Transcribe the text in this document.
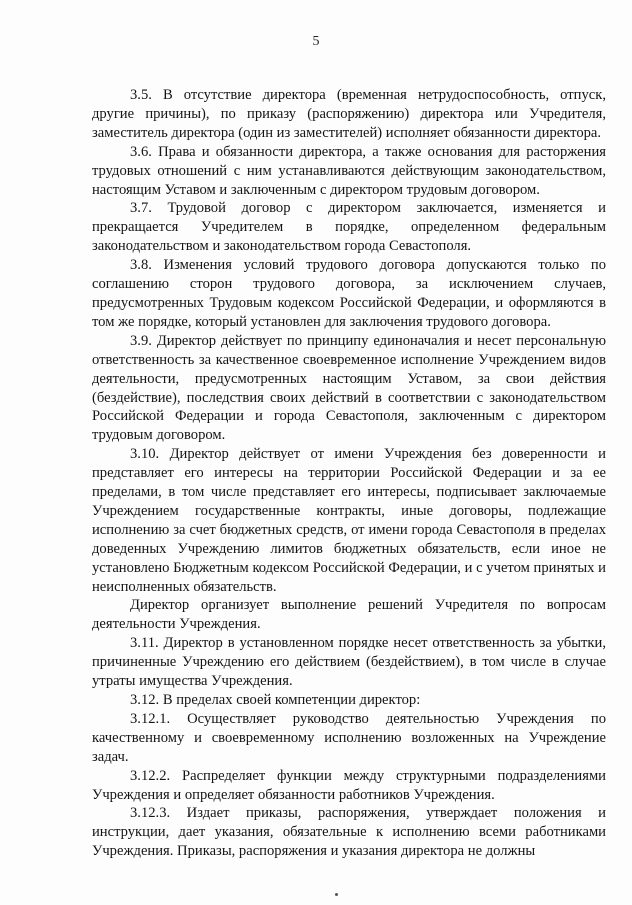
5

3.5. В отсутствие директора (временная нетрудоспособность, отпуск, другие причины), по приказу (распоряжению) директора или Учредителя, заместитель директора (один из заместителей) исполняет обязанности директора.

3.6. Права и обязанности директора, а также основания для расторжения трудовых отношений с ним устанавливаются действующим законодательством, настоящим Уставом и заключенным с директором трудовым договором.

3.7. Трудовой договор с директором заключается, изменяется и прекращается Учредителем в порядке, определенном федеральным законодательством и законодательством города Севастополя.

3.8. Изменения условий трудового договора допускаются только по соглашению сторон трудового договора, за исключением случаев, предусмотренных Трудовым кодексом Российской Федерации, и оформляются в том же порядке, который установлен для заключения трудового договора.

3.9. Директор действует по принципу единоначалия и несет персональную ответственность за качественное своевременное исполнение Учреждением видов деятельности, предусмотренных настоящим Уставом, за свои действия (бездействие), последствия своих действий в соответствии с законодательством Российской Федерации и города Севастополя, заключенным с директором трудовым договором.

3.10. Директор действует от имени Учреждения без доверенности и представляет его интересы на территории Российской Федерации и за ее пределами, в том числе представляет его интересы, подписывает заключаемые Учреждением государственные контракты, иные договоры, подлежащие исполнению за счет бюджетных средств, от имени города Севастополя в пределах доведенных Учреждению лимитов бюджетных обязательств, если иное не установлено Бюджетным кодексом Российской Федерации, и с учетом принятых и неисполненных обязательств.

Директор организует выполнение решений Учредителя по вопросам деятельности Учреждения.

3.11. Директор в установленном порядке несет ответственность за убытки, причиненные Учреждению его действием (бездействием), в том числе в случае утраты имущества Учреждения.

3.12. В пределах своей компетенции директор:

3.12.1. Осуществляет руководство деятельностью Учреждения по качественному и своевременному исполнению возложенных на Учреждение задач.

3.12.2. Распределяет функции между структурными подразделениями Учреждения и определяет обязанности работников Учреждения.

3.12.3. Издает приказы, распоряжения, утверждает положения и инструкции, дает указания, обязательные к исполнению всеми работниками Учреждения. Приказы, распоряжения и указания директора не должны
